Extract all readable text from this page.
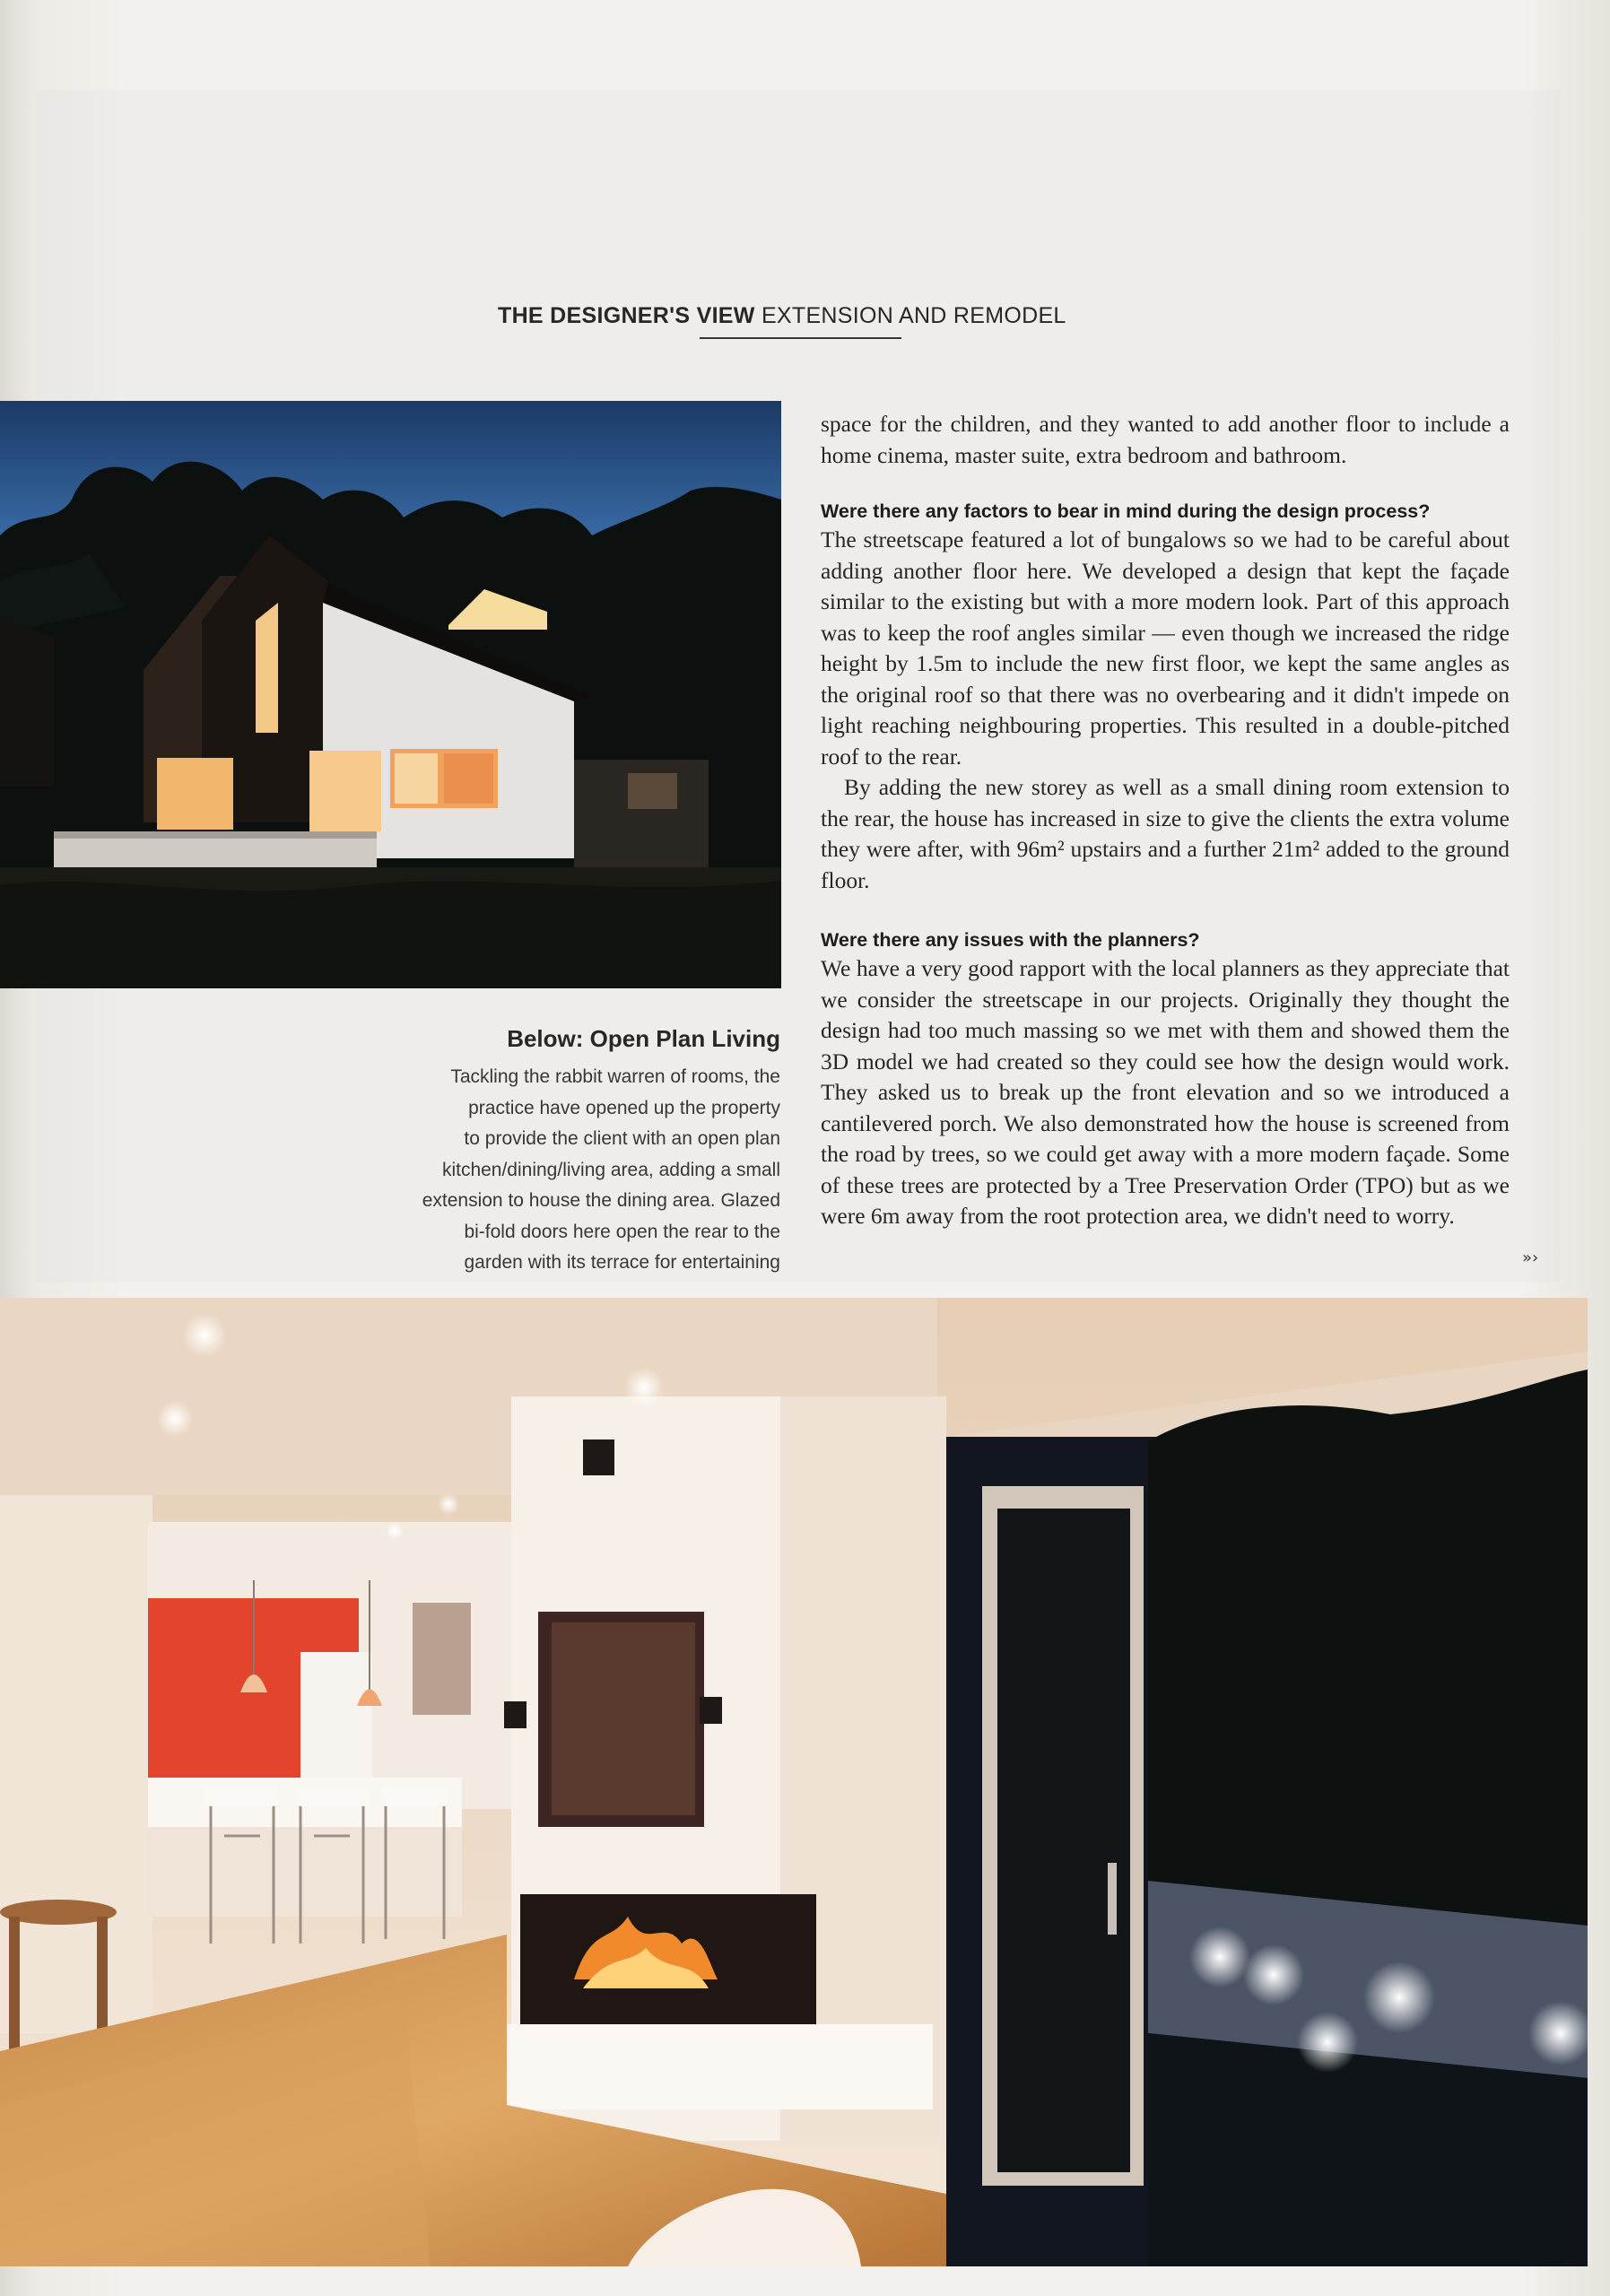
THE DESIGNER'S VIEW EXTENSION AND REMODEL

Below: Open Plan Living

Tackling the rabbit warren of rooms, the
practice have opened up the property
to provide the client with an open plan
kitchen/dining/living area, adding a small
extension to house the dining area. Glazed
bi-fold doors here open the rear to the
garden with its terrace for entertaining

space for the children, and they wanted to add another floor to include a home cinema, master suite, extra bedroom and bathroom.

Were there any factors to bear in mind during the design process?

The streetscape featured a lot of bungalows so we had to be careful about adding another floor here. We developed a design that kept the façade similar to the existing but with a more modern look. Part of this approach was to keep the roof angles similar — even though we increased the ridge height by 1.5m to include the new first floor, we kept the same angles as the original roof so that there was no overbearing and it didn't impede on light reaching neighbouring properties. This resulted in a double-pitched roof to the rear.

By adding the new storey as well as a small dining room extension to the rear, the house has increased in size to give the clients the extra volume they were after, with 96m² upstairs and a further 21m² added to the ground floor.

Were there any issues with the planners?

We have a very good rapport with the local planners as they appreciate that we consider the streetscape in our projects. Originally they thought the design had too much massing so we met with them and showed them the 3D model we had created so they could see how the design would work. They asked us to break up the front elevation and so we introduced a cantilevered porch. We also demonstrated how the house is screened from the road by trees, so we could get away with a more modern façade. Some of these trees are protected by a Tree Preservation Order (TPO) but as we were 6m away from the root protection area, we didn't need to worry.

»›
